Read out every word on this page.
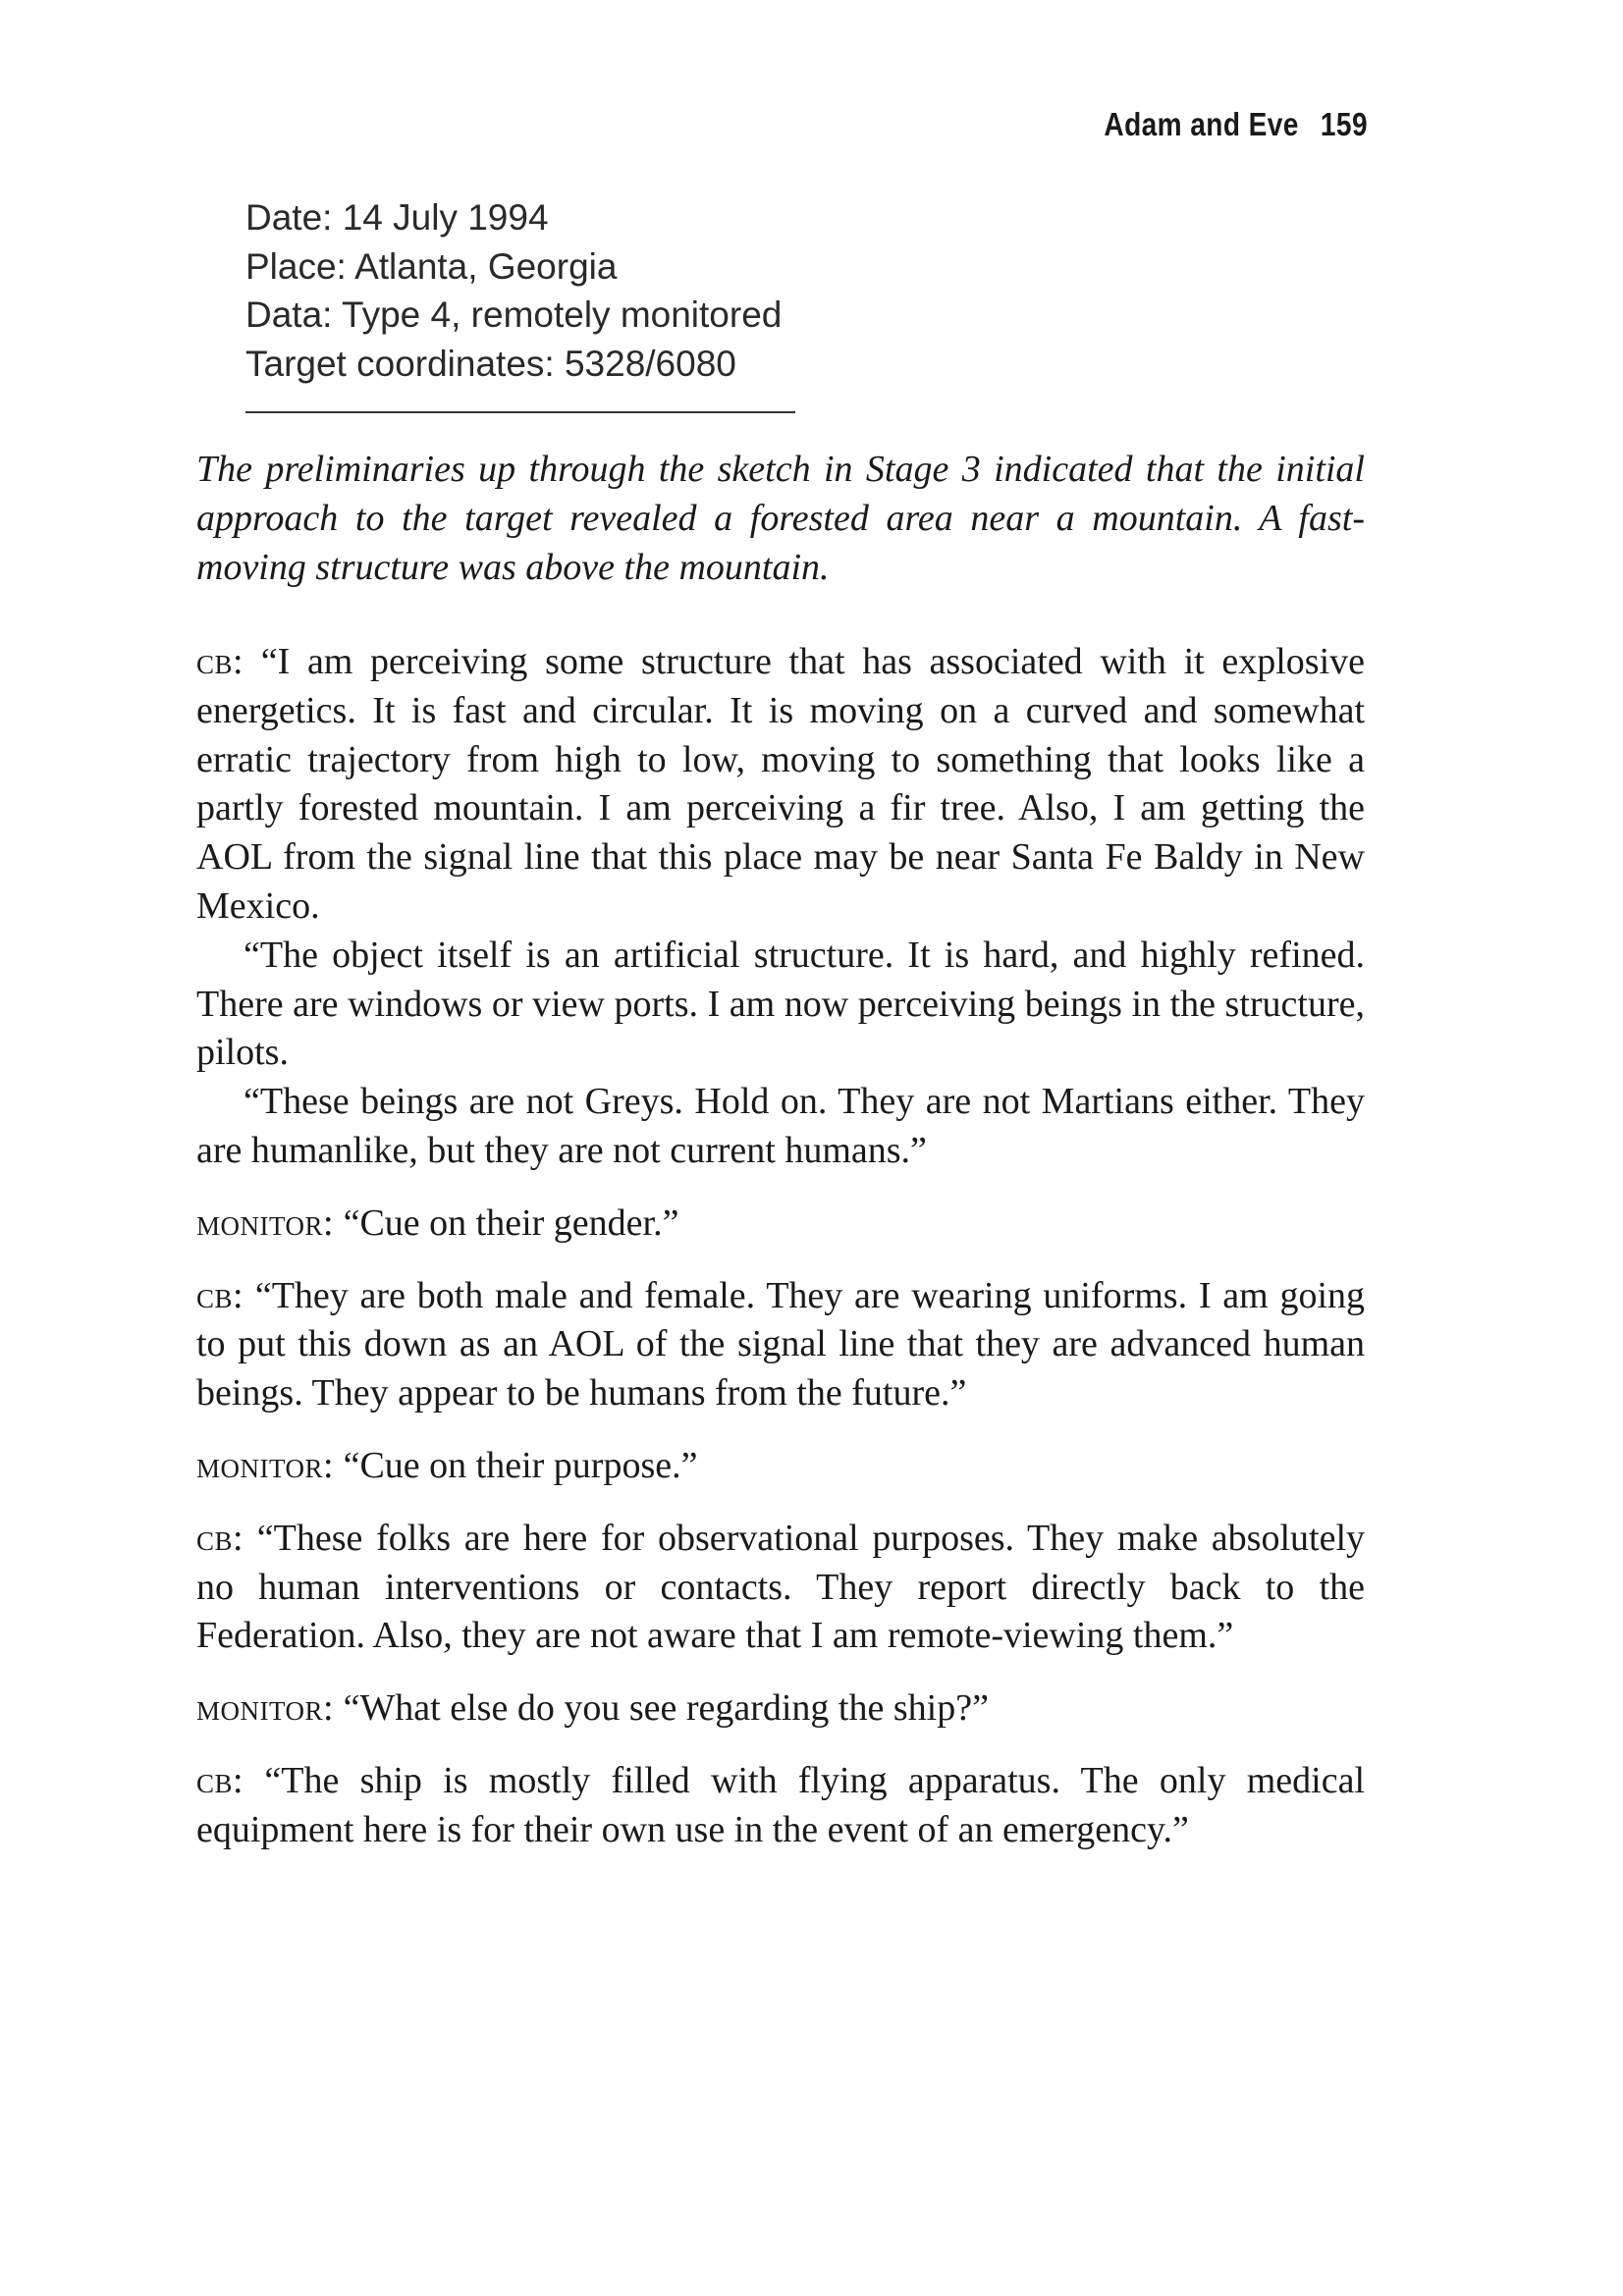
Adam and Eve 159
Date: 14 July 1994
Place: Atlanta, Georgia
Data: Type 4, remotely monitored
Target coordinates: 5328/6080

The preliminaries up through the sketch in Stage 3 indicated that the initial approach to the target revealed a forested area near a mountain. A fast-moving structure was above the mountain.

cb: “I am perceiving some structure that has associated with it explosive energetics. It is fast and circular. It is moving on a curved and somewhat erratic trajectory from high to low, moving to something that looks like a partly forested mountain. I am perceiving a fir tree. Also, I am getting the AOL from the signal line that this place may be near Santa Fe Baldy in New Mexico.

“The object itself is an artificial structure. It is hard, and highly refined. There are windows or view ports. I am now perceiving beings in the structure, pilots.

“These beings are not Greys. Hold on. They are not Martians either. They are humanlike, but they are not current humans.”

monitor: “Cue on their gender.”

cb: “They are both male and female. They are wearing uniforms. I am going to put this down as an AOL of the signal line that they are advanced human beings. They appear to be humans from the future.”

monitor: “Cue on their purpose.”

cb: “These folks are here for observational purposes. They make absolutely no human interventions or contacts. They report directly back to the Federation. Also, they are not aware that I am remote-viewing them.”

monitor: “What else do you see regarding the ship?”

cb: “The ship is mostly filled with flying apparatus. The only medical equipment here is for their own use in the event of an emergency.”
